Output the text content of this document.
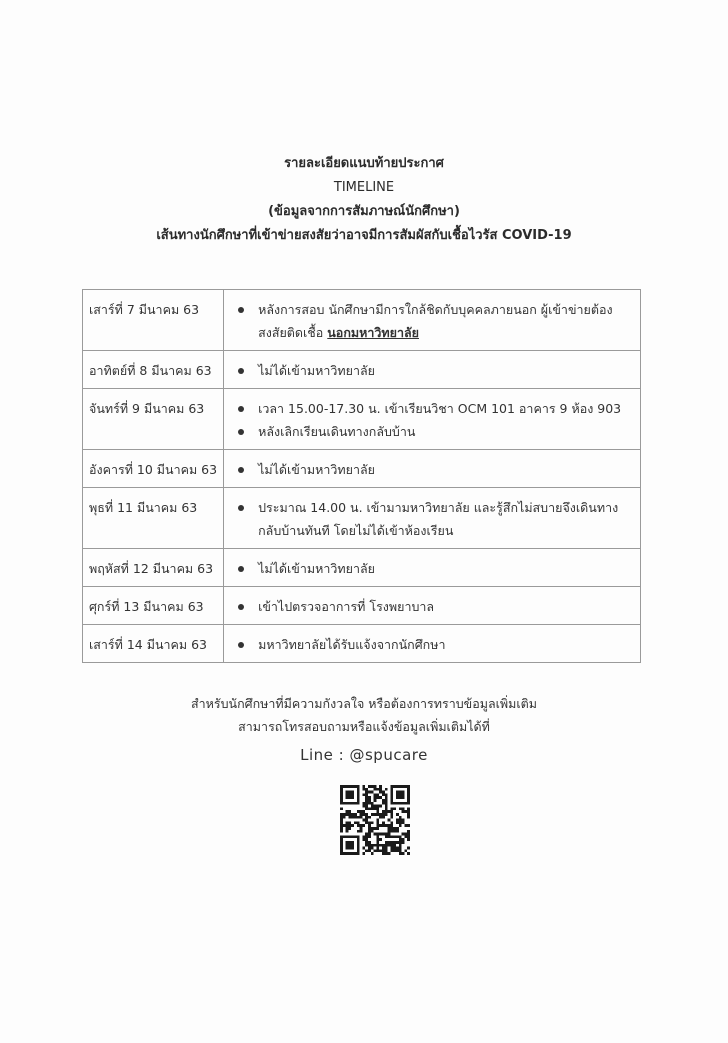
รายละเอียดแนบท้ายประกาศ
TIMELINE
(ข้อมูลจากการสัมภาษณ์นักศึกษา)
เส้นทางนักศึกษาที่เข้าข่ายสงสัยว่าอาจมีการสัมผัสกับเชื้อไวรัส COVID-19
เสาร์ที่ 7 มีนาคม 63	หลังการสอบ นักศึกษามีการใกล้ชิดกับบุคคลภายนอก ผู้เข้าข่ายต้องสงสัยติดเชื้อ นอกมหาวิทยาลัย

อาทิตย์ที่ 8 มีนาคม 63	ไม่ได้เข้ามหาวิทยาลัย

จันทร์ที่ 9 มีนาคม 63	เวลา 15.00-17.30 น. เข้าเรียนวิชา OCM 101 อาคาร 9 ห้อง 903
หลังเลิกเรียนเดินทางกลับบ้าน

อังคารที่ 10 มีนาคม 63	ไม่ได้เข้ามหาวิทยาลัย

พุธที่ 11 มีนาคม 63	ประมาณ 14.00 น. เข้ามามหาวิทยาลัย และรู้สึกไม่สบายจึงเดินทางกลับบ้านทันที โดยไม่ได้เข้าห้องเรียน

พฤหัสที่ 12 มีนาคม 63	ไม่ได้เข้ามหาวิทยาลัย

ศุกร์ที่ 13 มีนาคม 63	เข้าไปตรวจอาการที่ โรงพยาบาล

เสาร์ที่ 14 มีนาคม 63	มหาวิทยาลัยได้รับแจ้งจากนักศึกษา
สำหรับนักศึกษาที่มีความกังวลใจ หรือต้องการทราบข้อมูลเพิ่มเติม
สามารถโทรสอบถามหรือแจ้งข้อมูลเพิ่มเติมได้ที่
Line : @spucare
